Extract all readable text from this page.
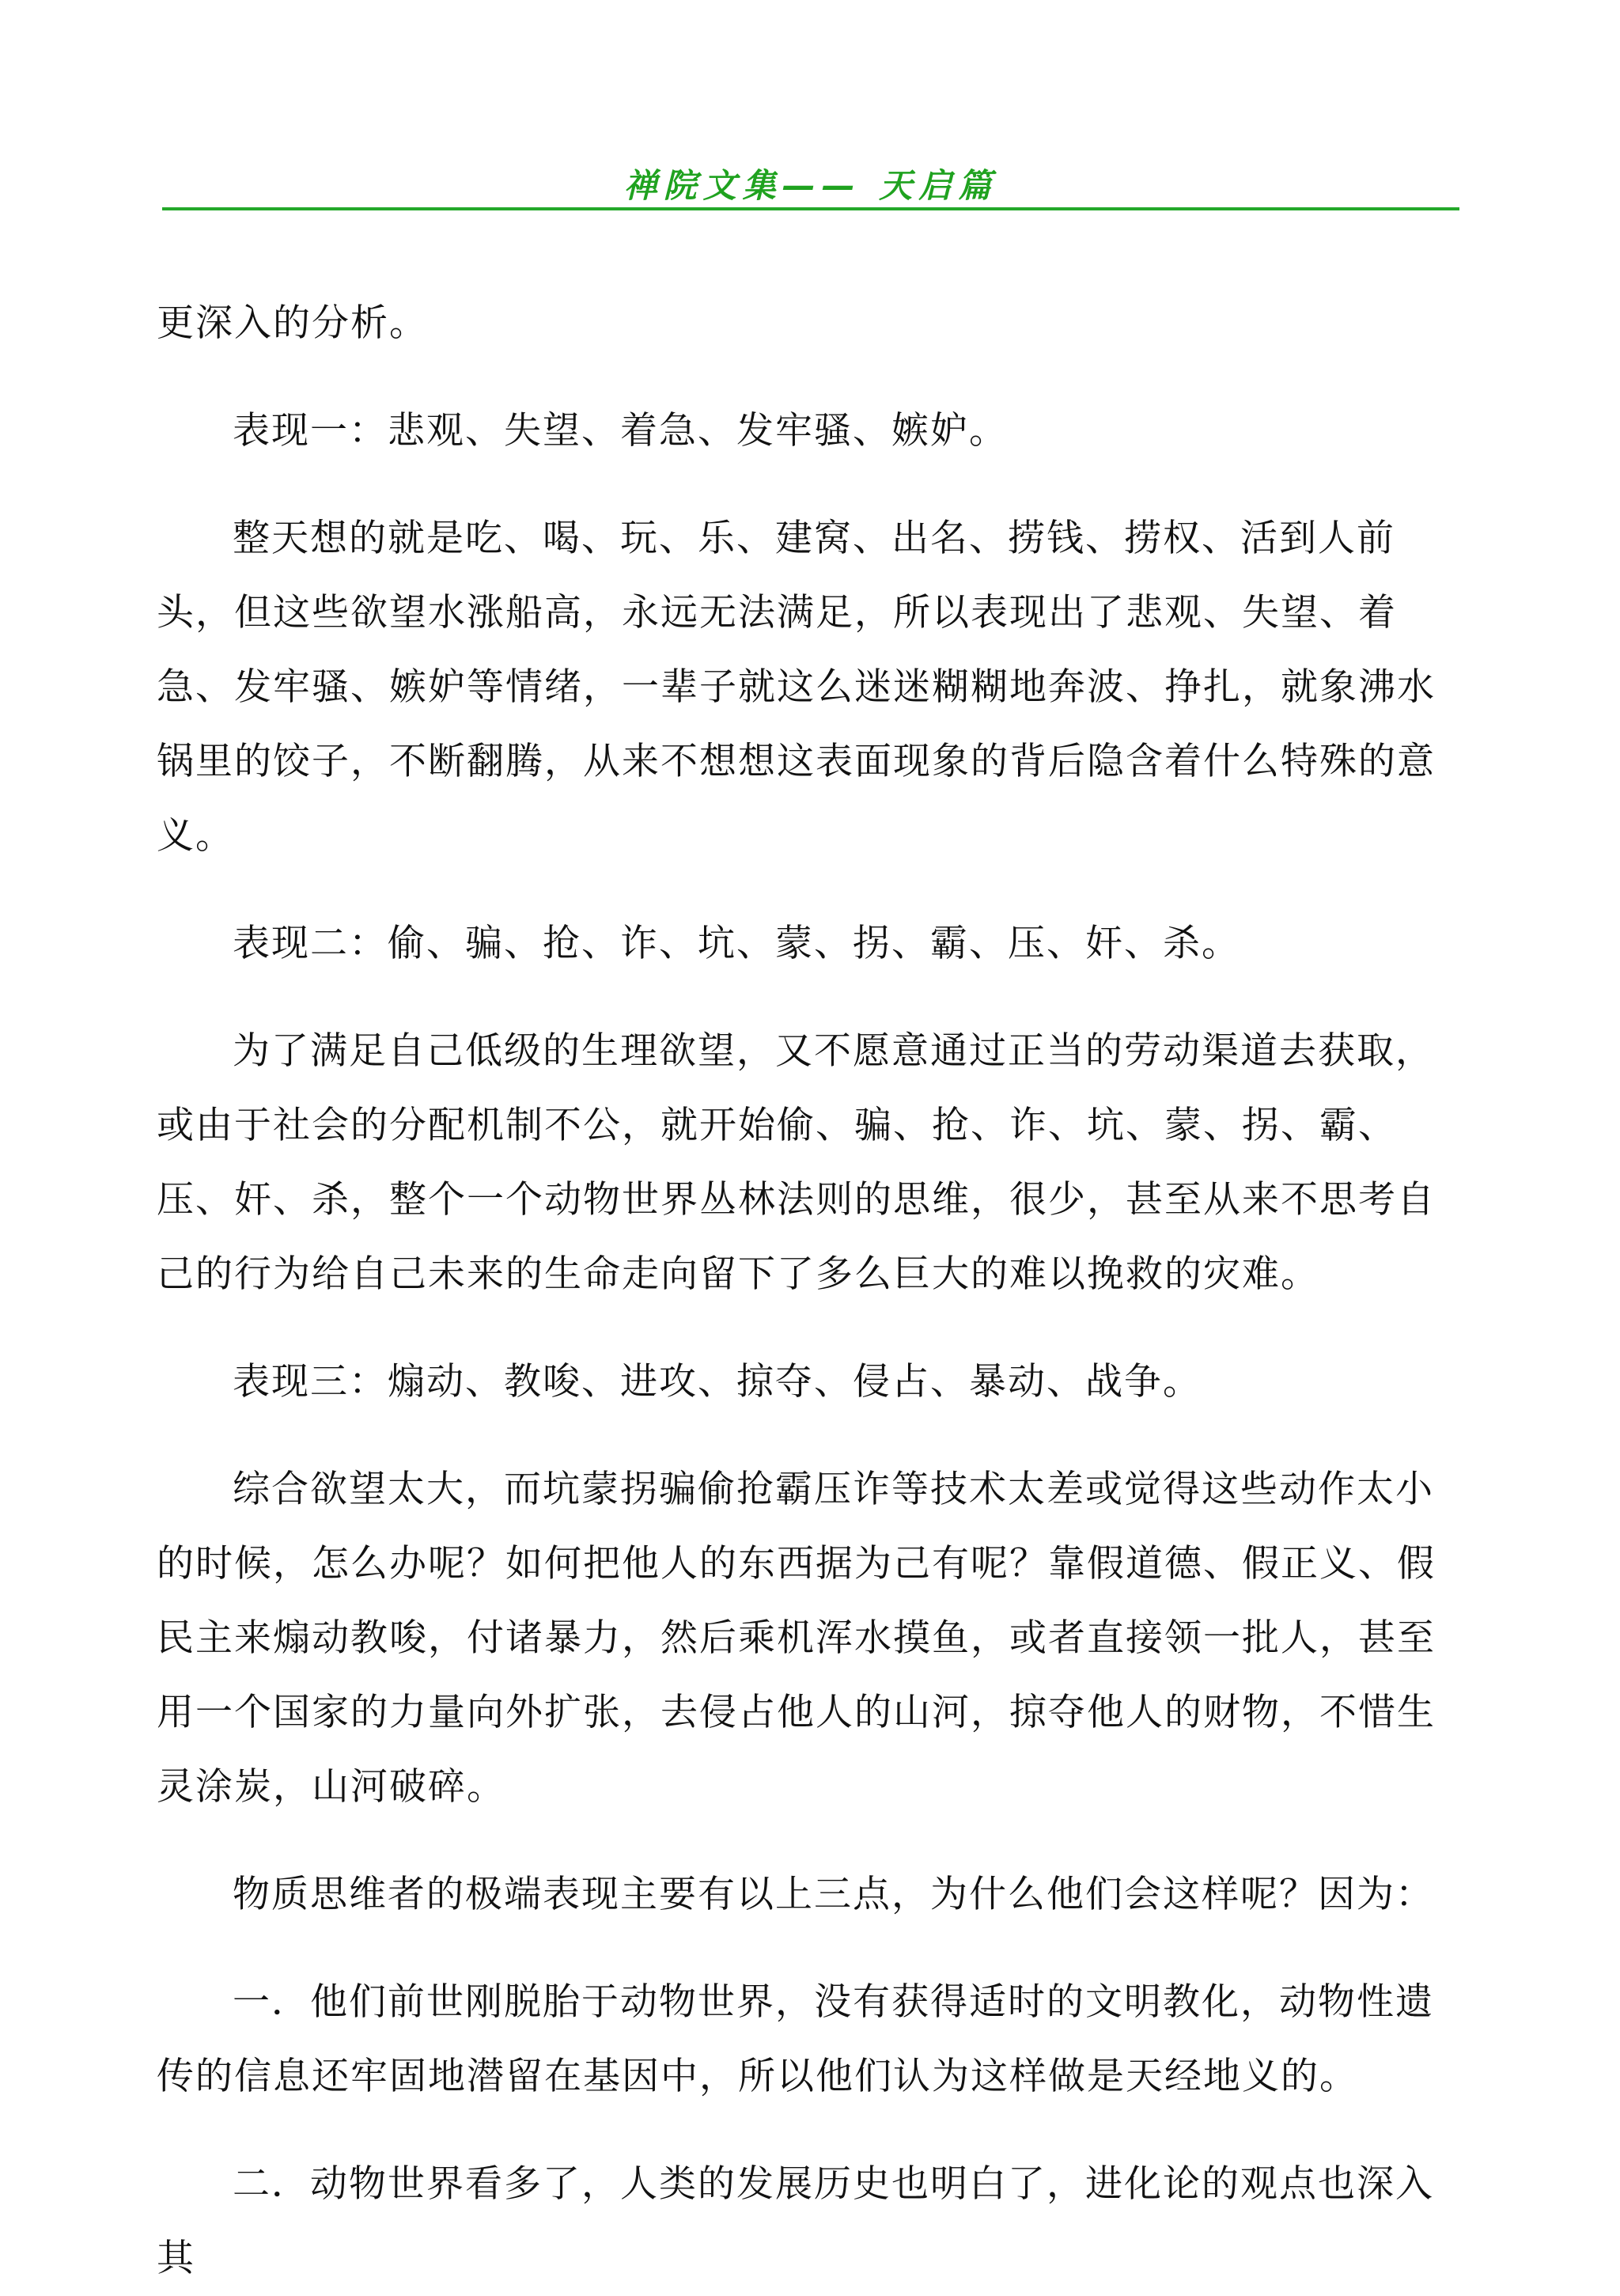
禅院文集—— 天启篇

更深入的分析。

表现一：悲观、失望、着急、发牢骚、嫉妒。

整天想的就是吃、喝、玩、乐、建窝、出名、捞钱、捞权、活到人前头，但这些欲望水涨船高，永远无法满足，所以表现出了悲观、失望、着急、发牢骚、嫉妒等情绪，一辈子就这么迷迷糊糊地奔波、挣扎，就象沸水锅里的饺子，不断翻腾，从来不想想这表面现象的背后隐含着什么特殊的意义。

表现二：偷、骗、抢、诈、坑、蒙、拐、霸、压、奸、杀。

为了满足自己低级的生理欲望，又不愿意通过正当的劳动渠道去获取，或由于社会的分配机制不公，就开始偷、骗、抢、诈、坑、蒙、拐、霸、压、奸、杀，整个一个动物世界丛林法则的思维，很少，甚至从来不思考自己的行为给自己未来的生命走向留下了多么巨大的难以挽救的灾难。

表现三：煽动、教唆、进攻、掠夺、侵占、暴动、战争。

综合欲望太大，而坑蒙拐骗偷抢霸压诈等技术太差或觉得这些动作太小的时候，怎么办呢？如何把他人的东西据为己有呢？靠假道德、假正义、假民主来煽动教唆，付诸暴力，然后乘机浑水摸鱼，或者直接领一批人，甚至用一个国家的力量向外扩张，去侵占他人的山河，掠夺他人的财物，不惜生灵涂炭，山河破碎。

物质思维者的极端表现主要有以上三点，为什么他们会这样呢？因为：

一．他们前世刚脱胎于动物世界，没有获得适时的文明教化，动物性遗传的信息还牢固地潜留在基因中，所以他们认为这样做是天经地义的。

二．动物世界看多了，人类的发展历史也明白了，进化论的观点也深入其
